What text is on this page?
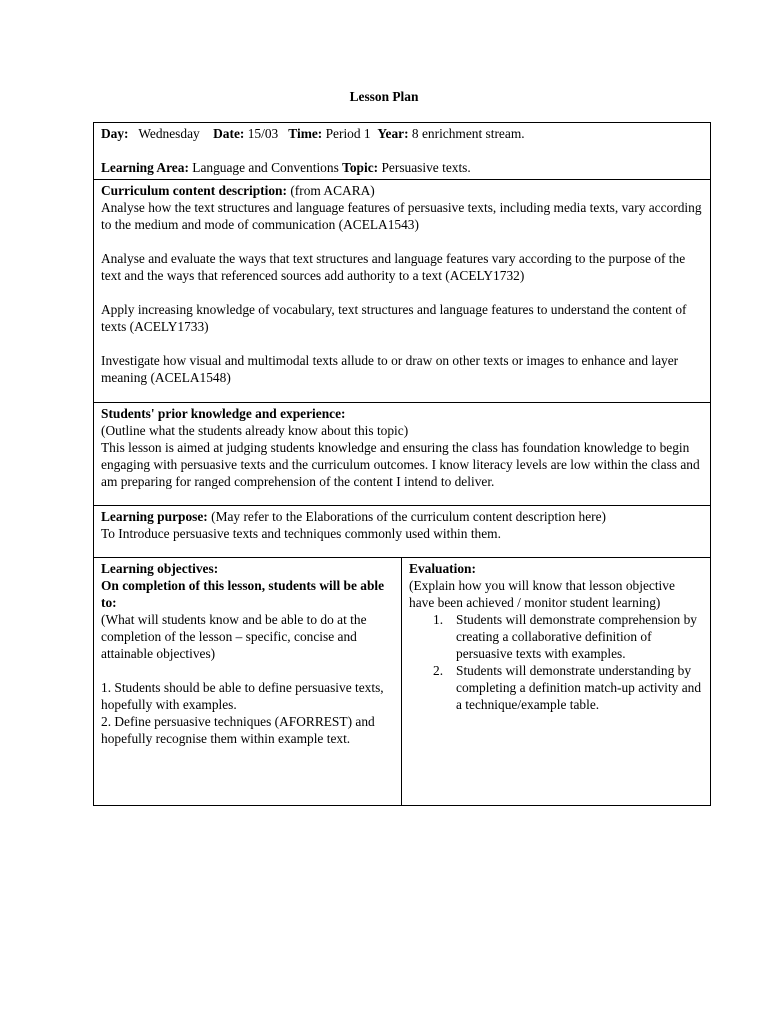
Lesson Plan

Day: Wednesday Date: 15/03 Time: Period 1 Year: 8 enrichment stream.

Learning Area: Language and Conventions Topic: Persuasive texts.

Curriculum content description: (from ACARA)

Analyse how the text structures and language features of persuasive texts, including media texts, vary according to the medium and mode of communication (ACELA1543)

Analyse and evaluate the ways that text structures and language features vary according to the purpose of the text and the ways that referenced sources add authority to a text (ACELY1732)

Apply increasing knowledge of vocabulary, text structures and language features to understand the content of texts (ACELY1733)

Investigate how visual and multimodal texts allude to or draw on other texts or images to enhance and layer meaning (ACELA1548)

Students' prior knowledge and experience:

(Outline what the students already know about this topic)

This lesson is aimed at judging students knowledge and ensuring the class has foundation knowledge to begin engaging with persuasive texts and the curriculum outcomes. I know literacy levels are low within the class and am preparing for ranged comprehension of the content I intend to deliver.

Learning purpose: (May refer to the Elaborations of the curriculum content description here)

To Introduce persuasive texts and techniques commonly used within them.

Learning objectives:

On completion of this lesson, students will be able to:

(What will students know and be able to do at the completion of the lesson – specific, concise and attainable objectives)

1. Students should be able to define persuasive texts, hopefully with examples.

2. Define persuasive techniques (AFORREST) and hopefully recognise them within example text.

Evaluation:

(Explain how you will know that lesson objective have been achieved / monitor student learning)

1. Students will demonstrate comprehension by creating a collaborative definition of persuasive texts with examples.
2. Students will demonstrate understanding by completing a definition match-up activity and a technique/example table.
